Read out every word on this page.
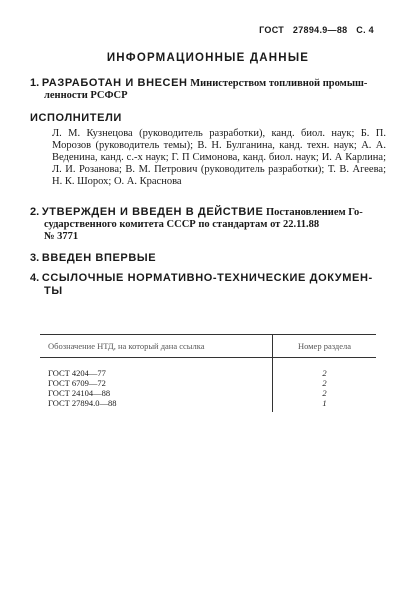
ГОСТ 27894.9—88 С. 4
ИНФОРМАЦИОННЫЕ ДАННЫЕ
1. РАЗРАБОТАН И ВНЕСЕН Министерством топливной промыш-
ленности РСФСР
ИСПОЛНИТЕЛИ
Л. М. Кузнецова (руководитель разработки), канд. биол. наук; Б. П. Морозов (руководитель темы); В. Н. Булганина, канд. техн. наук; А. А. Веденина, канд. с.-х наук; Г. П Симонова, канд. биол. наук; И. А Карлина; Л. И. Розанова; В. М. Петрович (руководитель разработки); Т. В. Агеева; Н. К. Шорох; О. А. Краснова
2. УТВЕРЖДЕН И ВВЕДЕН В ДЕЙСТВИЕ Постановлением Го-
сударственного комитета СССР по стандартам от 22.11.88
№ 3771
3. ВВЕДЕН ВПЕРВЫЕ
4. ССЫЛОЧНЫЕ НОРМАТИВНО-ТЕХНИЧЕСКИЕ ДОКУМЕН-
ТЫ
Обозначение НТД, на который дана ссылка	Номер раздела
ГОСТ 4204—77	2
ГОСТ 6709—72	2
ГОСТ 24104—88	2
ГОСТ 27894.0—88	1
